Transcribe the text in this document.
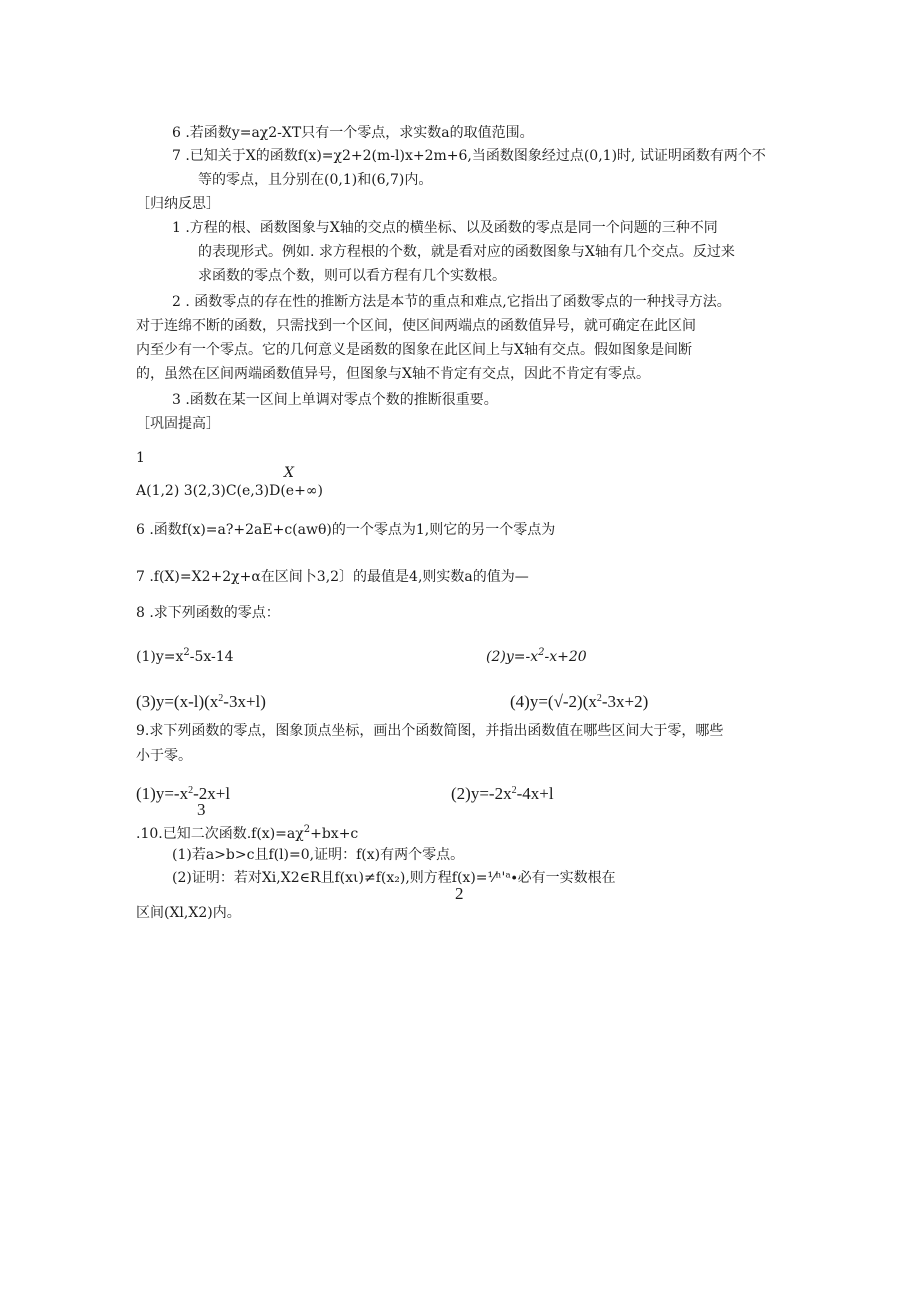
6 .若函数y=aχ2-XT只有一个零点，求实数a的取值范围。
7 .已知关于X的函数f(x)=χ2+2(m-l)x+2m+6,当函数图象经过点(0,1)时, 试证明函数有两个不
等的零点，且分别在(0,1)和(6,7)内。
［归纳反思］
1 .方程的根、函数图象与X轴的交点的横坐标、以及函数的零点是同一个问题的三种不同
的表现形式。例如. 求方程根的个数，就是看对应的函数图象与X轴有几个交点。反过来
求函数的零点个数，则可以看方程有几个实数根。
2 . 函数零点的存在性的推断方法是本节的重点和难点,它指出了函数零点的一种找寻方法。
对于连绵不断的函数，只需找到一个区间，使区间两端点的函数值异号，就可确定在此区间
内至少有一个零点。它的几何意义是函数的图象在此区间上与X轴有交点。假如图象是间断
的，虽然在区间两端函数值异号，但图象与X轴不肯定有交点，因此不肯定有零点。
3 .函数在某一区间上单调对零点个数的推断很重要。
［巩固提高］
1
X
A(1,2) 3(2,3)C(e,3)D(e+∞)
6 .函数f(x)=a?+2aE+c(awθ)的一个零点为1,则它的另一个零点为
7 .f(X)=X2+2χ+α在区间卜3,2〕的最值是4,则实数a的值为—
8 .求下列函数的零点：
$(1)y=x^2-5x-14$	$(2)y=-x^2-x+20$
$(3)y=(x-l)(x^2-3x+l)$	$(4)y=(√-2)(x^2-3x+2)$
9.求下列函数的零点，图象顶点坐标，画出个函数简图，并指出函数值在哪些区间大于零，哪些
小于零。
$(1)y=-x^2-2x+l$
3
$(2)y=-2x^2-4x+l$
.10.已知二次函数$.f(x)=a\chi^2+bx+c$
(1)若a>b>c且f(l)=0,证明：f(x)有两个零点。
(2)证明：若对Xi,X2∈R且f(xι)≠f(x₂),则方程f(x)=⅟ʰ'ᵃ∙必有一实数根在
2
区间(Xl,X2)内。
